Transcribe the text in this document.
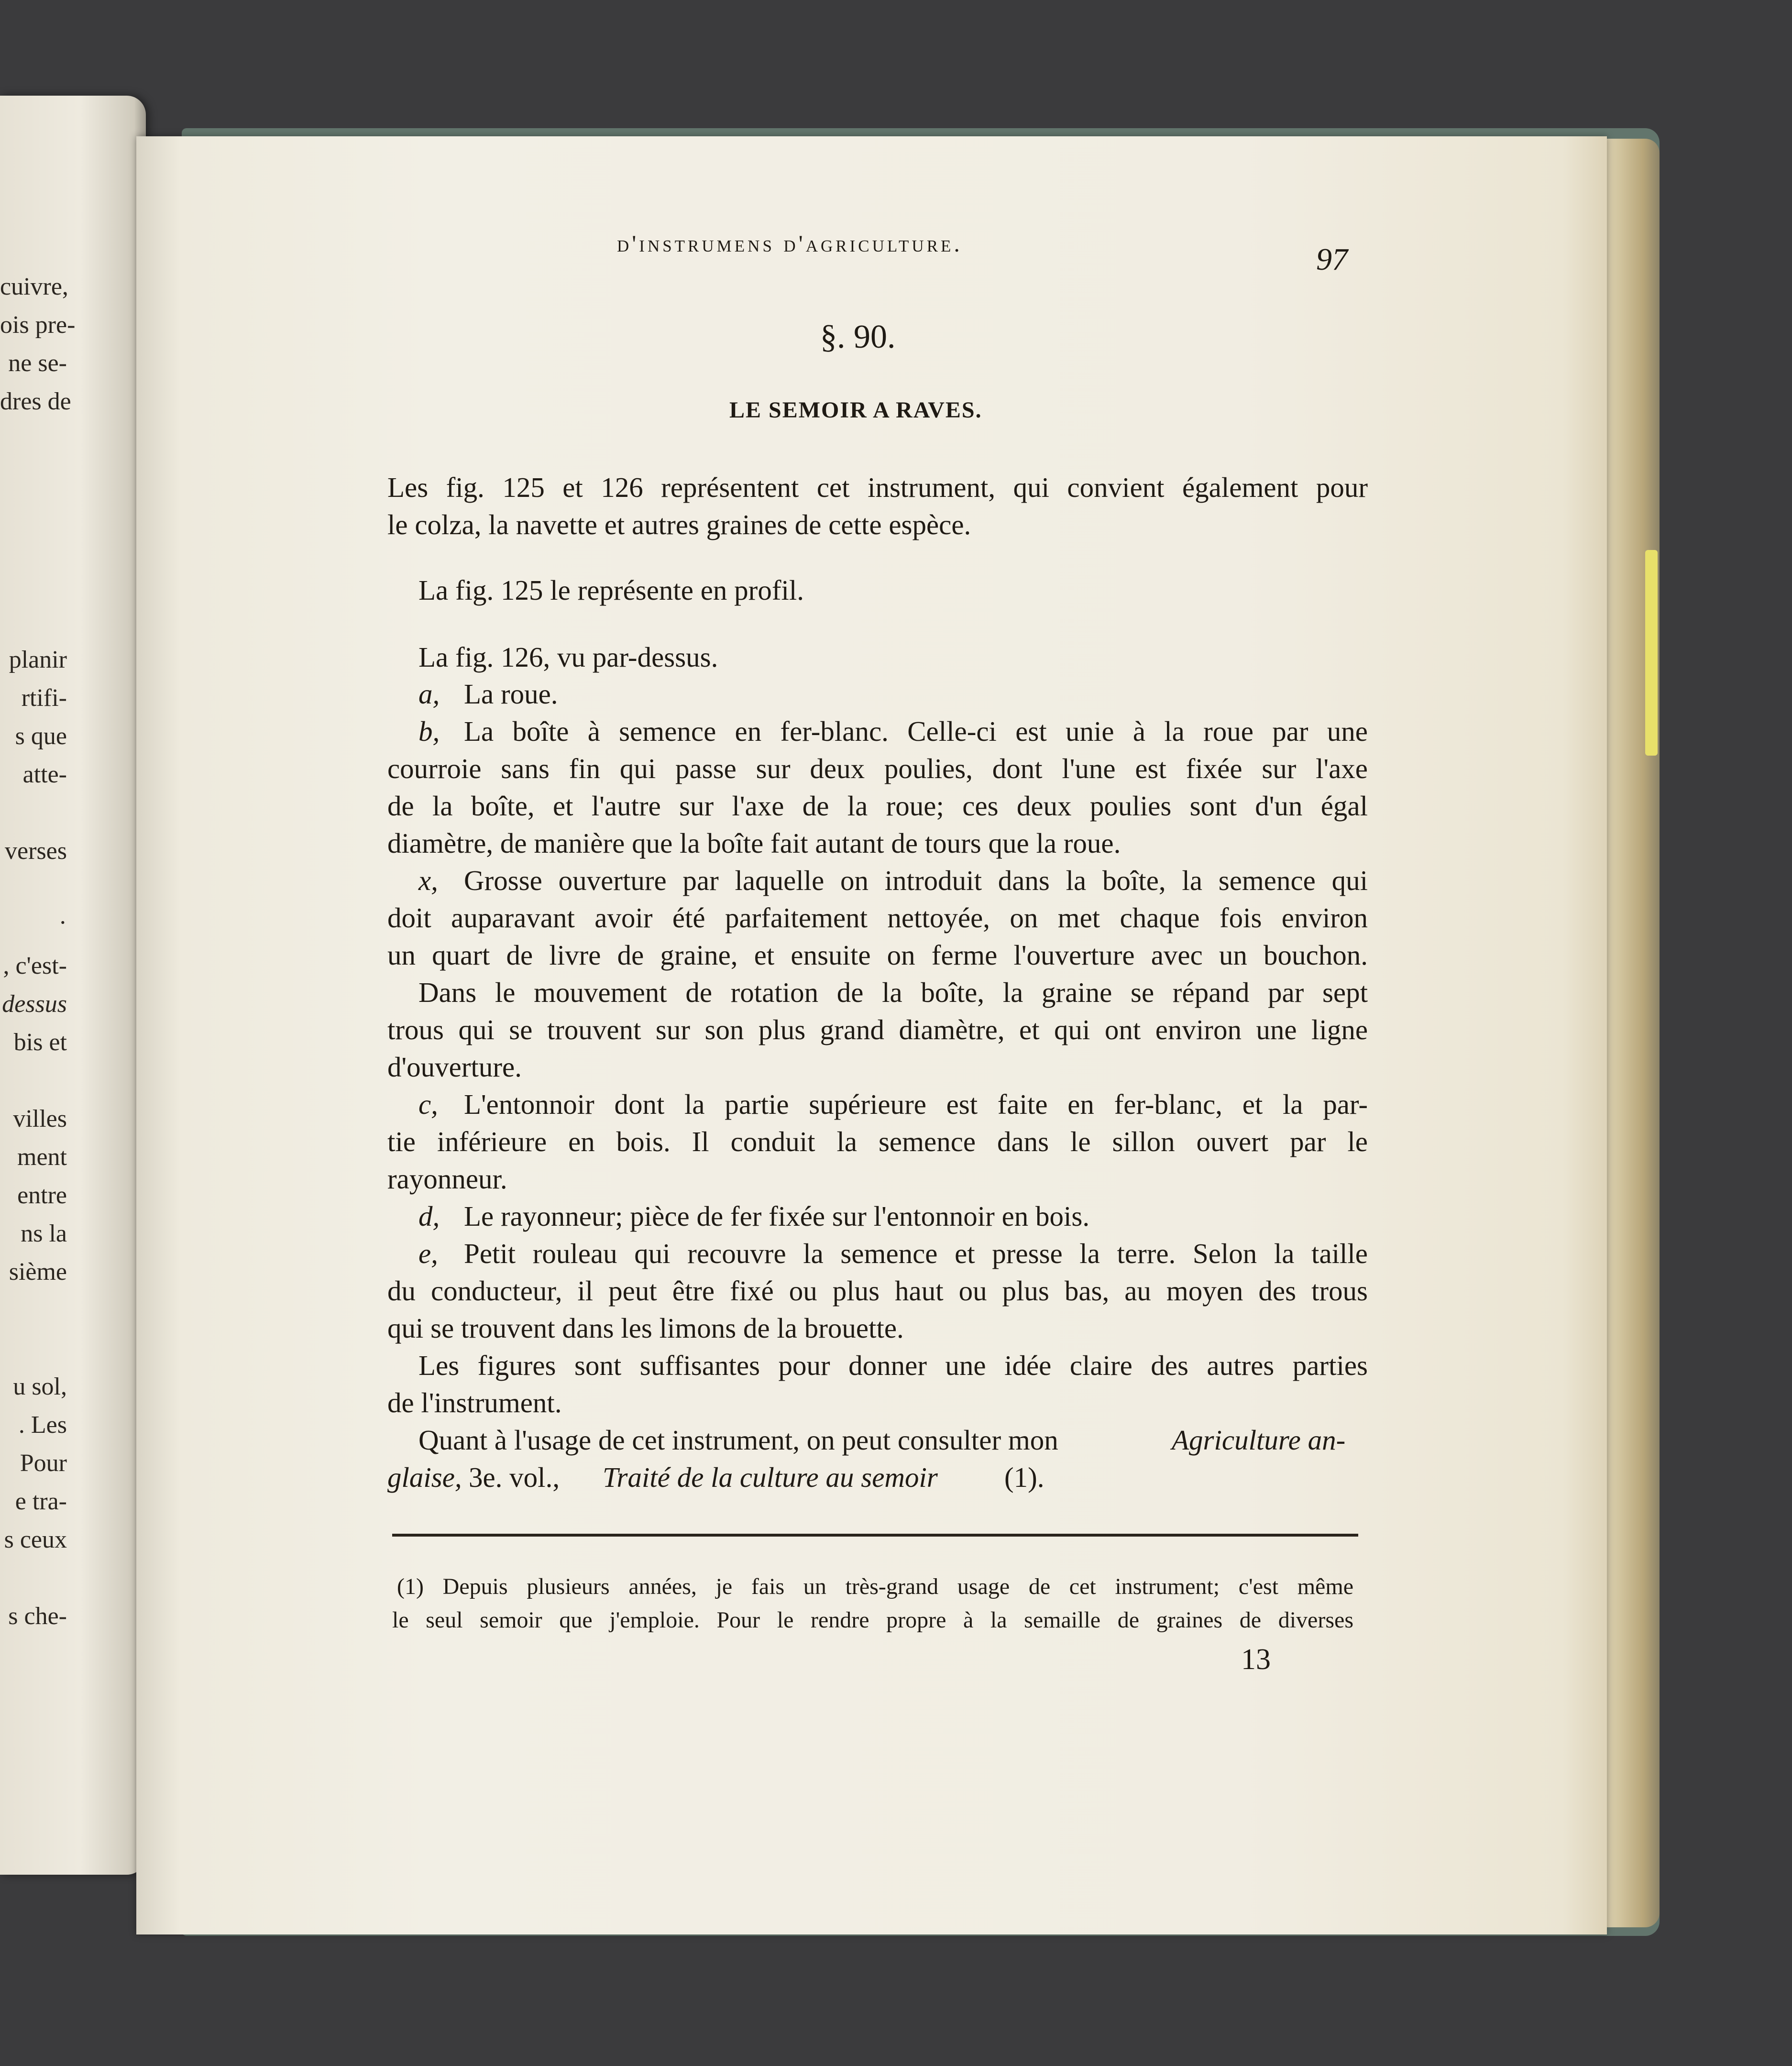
cuivre,
ois pre-
ne se-
dres de
planir
rtifi-
s que
atte-
verses
·
, c'est-
dessus
bis et
villes
ment
entre
ns la
sième
u sol,
. Les
Pour
e tra-
s ceux
s che-
d'instrumens d'agriculture.	97
§. 90.
LE SEMOIR A RAVES.
Les fig. 125 et 126 représentent cet instrument, qui convient également pour
le colza, la navette et autres graines de cette espèce.
La fig. 125 le représente en profil.
La fig. 126, vu par-dessus.
a, La roue.
b, La boîte à semence en fer-blanc. Celle-ci est unie à la roue par une
courroie sans fin qui passe sur deux poulies, dont l'une est fixée sur l'axe
de la boîte, et l'autre sur l'axe de la roue; ces deux poulies sont d'un égal
diamètre, de manière que la boîte fait autant de tours que la roue.
x, Grosse ouverture par laquelle on introduit dans la boîte, la semence qui
doit auparavant avoir été parfaitement nettoyée, on met chaque fois environ
un quart de livre de graine, et ensuite on ferme l'ouverture avec un bouchon.
Dans le mouvement de rotation de la boîte, la graine se répand par sept
trous qui se trouvent sur son plus grand diamètre, et qui ont environ une ligne
d'ouverture.
c, L'entonnoir dont la partie supérieure est faite en fer-blanc, et la par-
tie inférieure en bois. Il conduit la semence dans le sillon ouvert par le
rayonneur.
d, Le rayonneur; pièce de fer fixée sur l'entonnoir en bois.
e, Petit rouleau qui recouvre la semence et presse la terre. Selon la taille
du conducteur, il peut être fixé ou plus haut ou plus bas, au moyen des trous
qui se trouvent dans les limons de la brouette.
Les figures sont suffisantes pour donner une idée claire des autres parties
de l'instrument.
Quant à l'usage de cet instrument, on peut consulter mon	Agriculture an-
glaise, 3e. vol., Traité de la culture au semoir (1).
(1) Depuis plusieurs années, je fais un très-grand usage de cet instrument; c'est même
le seul semoir que j'emploie. Pour le rendre propre à la semaille de graines de diverses
13
